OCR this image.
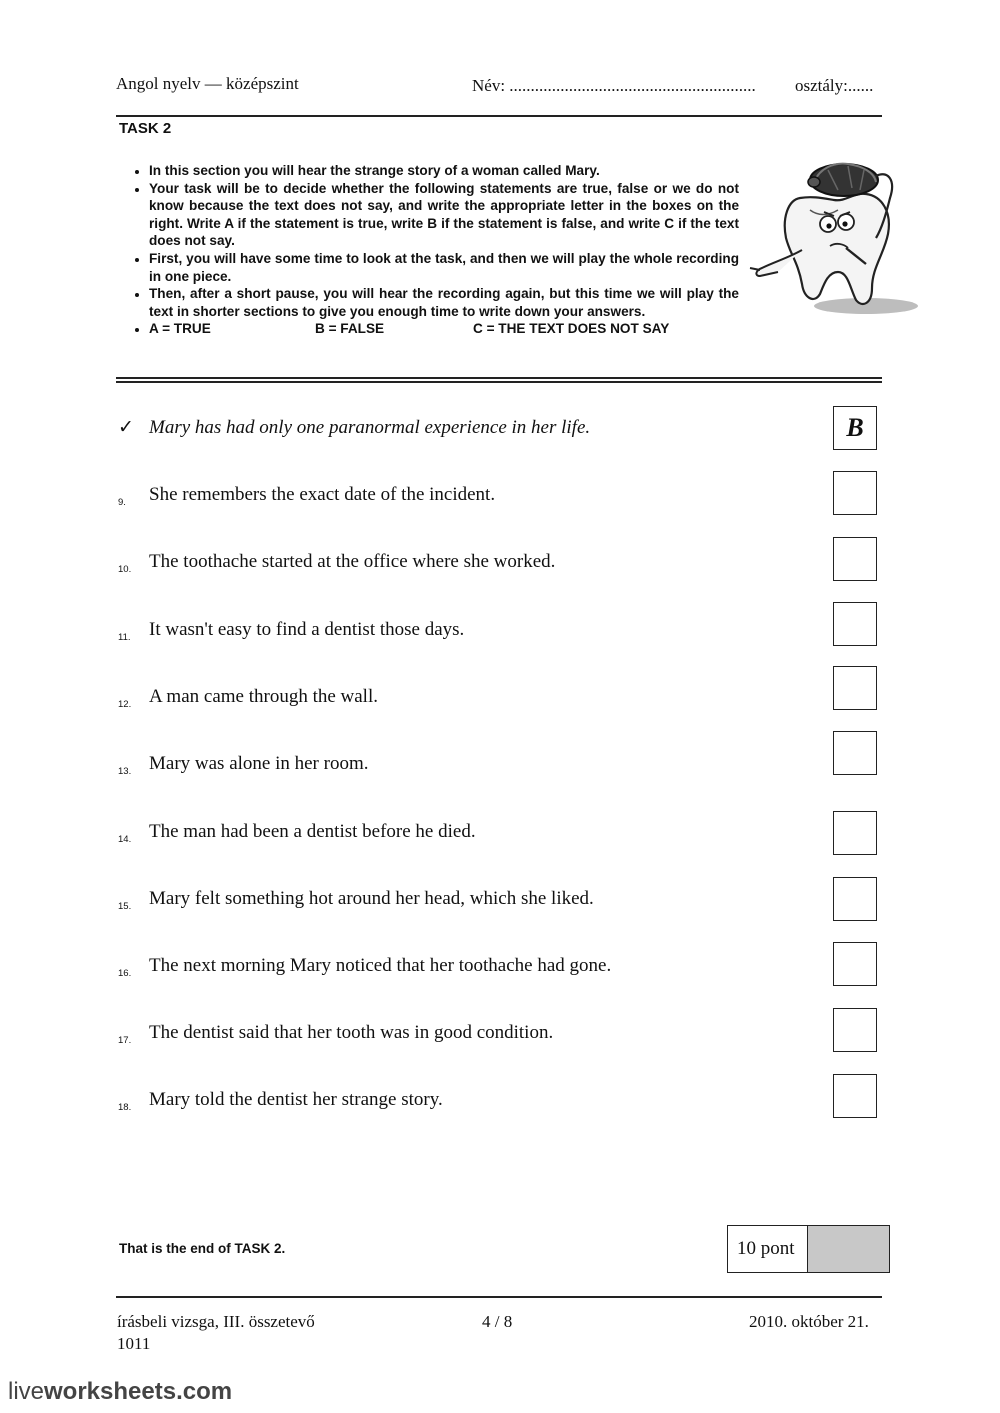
Angol nyelv — középszint	Név: .......................................................... osztály:......
TASK 2
• In this section you will hear the strange story of a woman called Mary.
• Your task will be to decide whether the following statements are true, false or we do not know because the text does not say, and write the appropriate letter in the boxes on the right. Write A if the statement is true, write B if the statement is false, and write C if the text does not say.
• First, you will have some time to look at the task, and then we will play the whole recording in one piece.
• Then, after a short pause, you will hear the recording again, but this time we will play the text in shorter sections to give you enough time to write down your answers.
• A = TRUE	B = FALSE	C = THE TEXT DOES NOT SAY
✓ Mary has had only one paranormal experience in her life.	B
9. She remembers the exact date of the incident.
10. The toothache started at the office where she worked.
11. It wasn't easy to find a dentist those days.
12. A man came through the wall.
13. Mary was alone in her room.
14. The man had been a dentist before he died.
15. Mary felt something hot around her head, which she liked.
16. The next morning Mary noticed that her toothache had gone.
17. The dentist said that her tooth was in good condition.
18. Mary told the dentist her strange story.
That is the end of TASK 2.	10 pont
írásbeli vizsga, III. összetevő
1011
4 / 8	2010. október 21.
liveworksheets.com
